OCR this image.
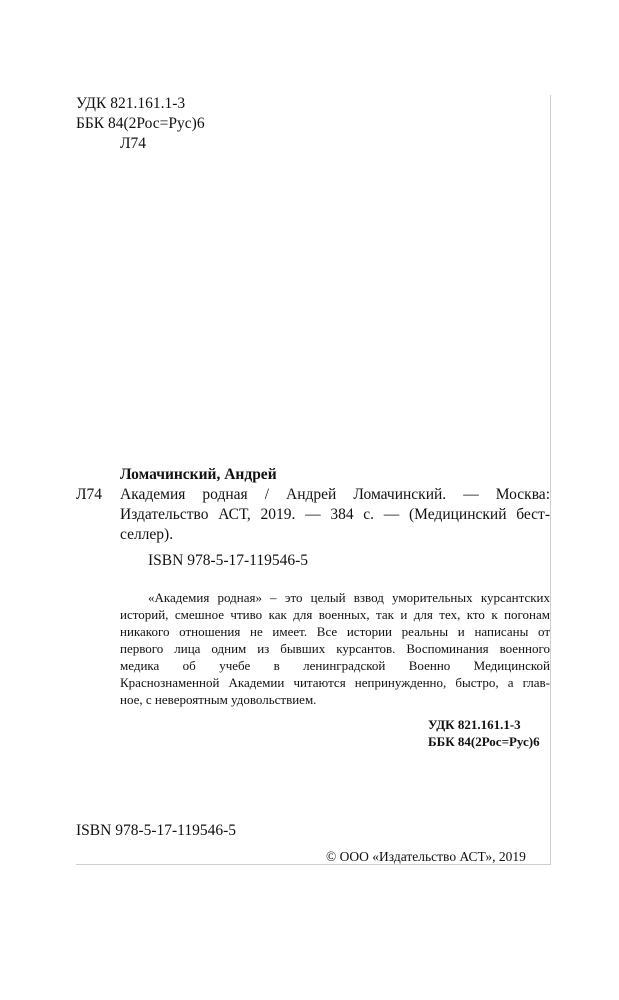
УДК 821.161.1-3
ББК 84(2Рос=Рус)6
Л74
Ломачинский, Андрей
Л74 Академия родная / Андрей Ломачинский. — Москва:
Издательство АСТ, 2019. — 384 с. — (Медицинский бест-
селлер).
ISBN 978-5-17-119546-5
«Академия родная» – это целый взвод уморительных курсантских
историй, смешное чтиво как для военных, так и для тех, кто к погонам
никакого отношения не имеет. Все истории реальны и написаны от
первого лица одним из бывших курсантов. Воспоминания военного
медика об учебе в ленинградской Военно Медицинской
Краснознаменной Академии читаются непринужденно, быстро, а глав-
ное, с невероятным удовольствием.
УДК 821.161.1-3
ББК 84(2Рос=Рус)6
ISBN 978-5-17-119546-5
© ООО «Издательство АСТ», 2019
